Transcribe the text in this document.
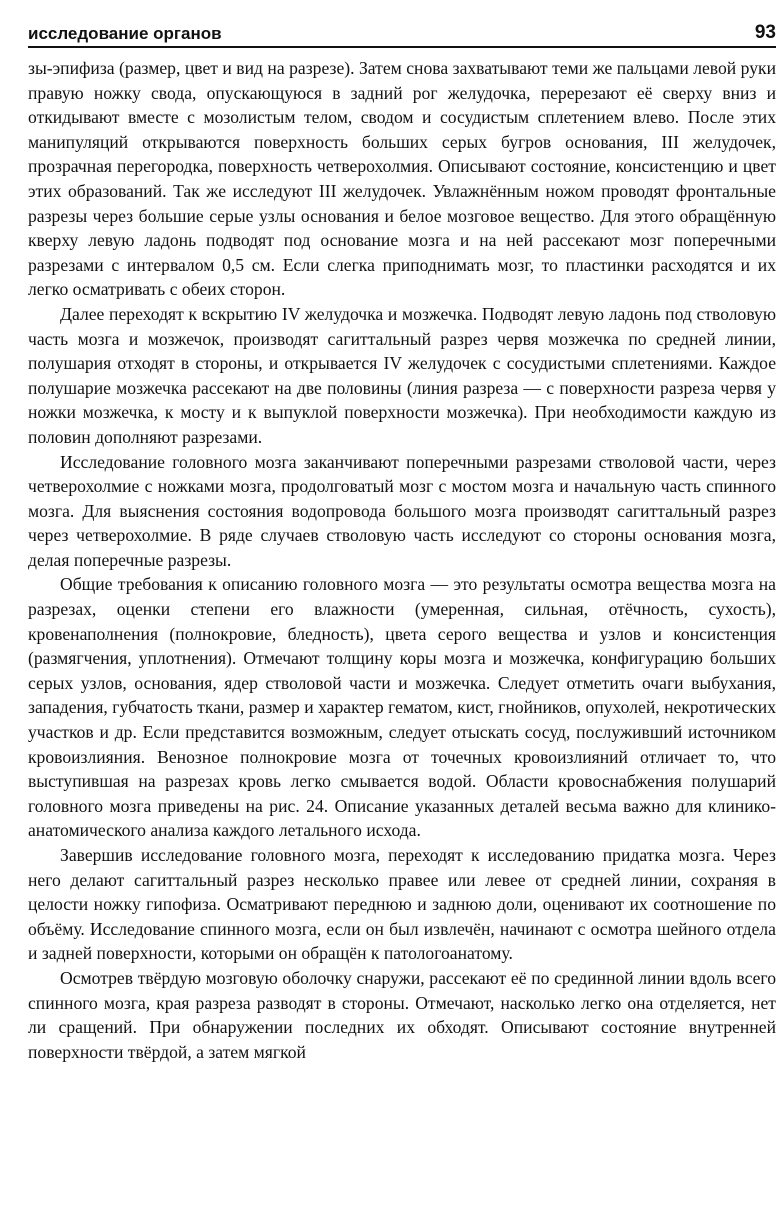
исследование органов	93

зы-эпифиза (размер, цвет и вид на разрезе). Затем снова захватывают теми же пальцами левой руки правую ножку свода, опускающуюся в задний рог желудочка, перерезают её сверху вниз и откидывают вместе с мозолистым телом, сводом и сосудистым сплетением влево. После этих манипуляций открываются поверхность больших серых бугров основания, III желудочек, прозрачная перегородка, поверхность четверохолмия. Описывают состояние, консистенцию и цвет этих образований. Так же исследуют III желудочек. Увлажнённым ножом проводят фронтальные разрезы через большие серые узлы основания и белое мозговое вещество. Для этого обращённую кверху левую ладонь подводят под основание мозга и на ней рассекают мозг поперечными разрезами с интервалом 0,5 см. Если слегка приподнимать мозг, то пластинки расходятся и их легко осматривать с обеих сторон.

Далее переходят к вскрытию IV желудочка и мозжечка. Подводят левую ладонь под стволовую часть мозга и мозжечок, производят сагиттальный разрез червя мозжечка по средней линии, полушария отходят в стороны, и открывается IV желудочек с сосудистыми сплетениями. Каждое полушарие мозжечка рассекают на две половины (линия разреза — с поверхности разреза червя у ножки мозжечка, к мосту и к выпуклой поверхности мозжечка). При необходимости каждую из половин дополняют разрезами.

Исследование головного мозга заканчивают поперечными разрезами стволовой части, через четверохолмие с ножками мозга, продолговатый мозг с мостом мозга и начальную часть спинного мозга. Для выяснения состояния водопровода большого мозга производят сагиттальный разрез через четверохолмие. В ряде случаев стволовую часть исследуют со стороны основания мозга, делая поперечные разрезы.

Общие требования к описанию головного мозга — это результаты осмотра вещества мозга на разрезах, оценки степени его влажности (умеренная, сильная, отёчность, сухость), кровенаполнения (полнокровие, бледность), цвета серого вещества и узлов и консистенция (размягчения, уплотнения). Отмечают толщину коры мозга и мозжечка, конфигурацию больших серых узлов, основания, ядер стволовой части и мозжечка. Следует отметить очаги выбухания, западения, губчатость ткани, размер и характер гематом, кист, гнойников, опухолей, некротических участков и др. Если представится возможным, следует отыскать сосуд, послуживший источником кровоизлияния. Венозное полнокровие мозга от точечных кровоизлияний отличает то, что выступившая на разрезах кровь легко смывается водой. Области кровоснабжения полушарий головного мозга приведены на рис. 24. Описание указанных деталей весьма важно для клинико-анатомического анализа каждого летального исхода.

Завершив исследование головного мозга, переходят к исследованию придатка мозга. Через него делают сагиттальный разрез несколько правее или левее от средней линии, сохраняя в целости ножку гипофиза. Осматривают переднюю и заднюю доли, оценивают их соотношение по объёму. Исследование спинного мозга, если он был извлечён, начинают с осмотра шейного отдела и задней поверхности, которыми он обращён к патологоанатому.

Осмотрев твёрдую мозговую оболочку снаружи, рассекают её по срединной линии вдоль всего спинного мозга, края разреза разводят в стороны. Отмечают, насколько легко она отделяется, нет ли сращений. При обнаружении последних их обходят. Описывают состояние внутренней поверхности твёрдой, а затем мягкой
